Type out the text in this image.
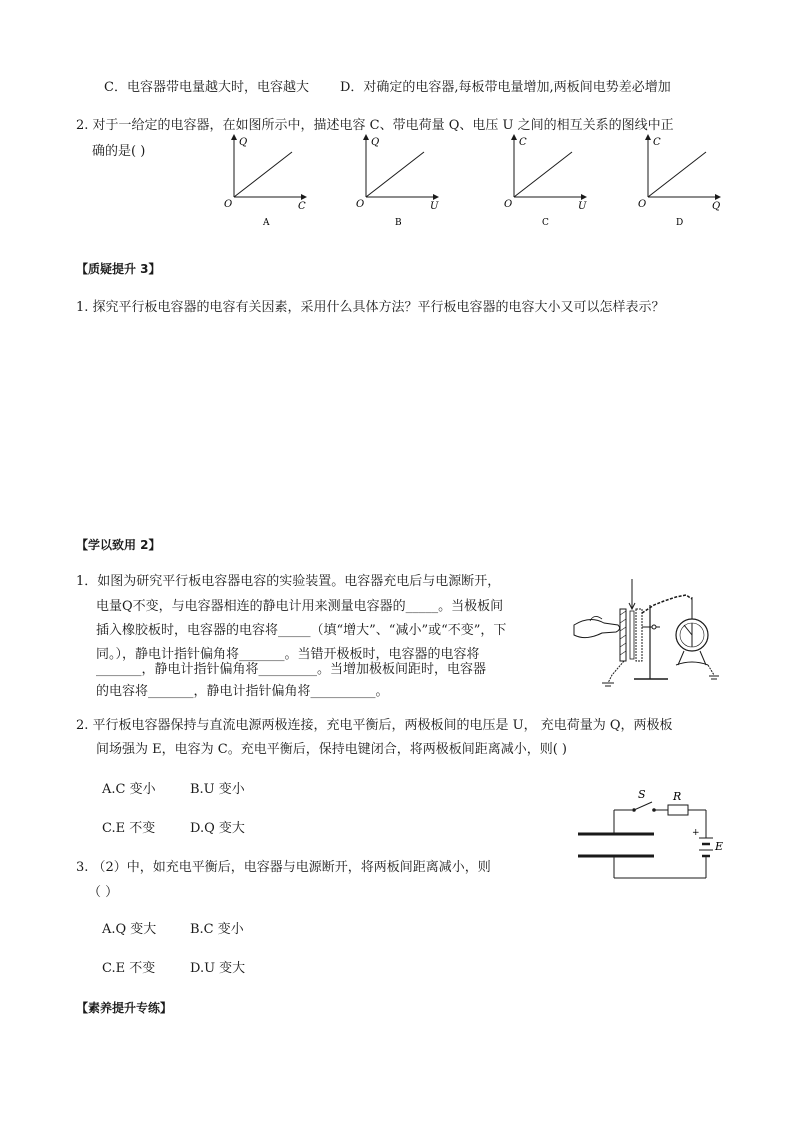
C．电容器带电量越大时，电容越大 D．对确定的电容器,每板带电量增加,两板间电势差必增加
2. 对于一给定的电容器，在如图所示中，描述电容 C、带电荷量 Q、电压 U 之间的相互关系的图线中正
确的是( )
Q
C
O
A
Q
U
O
B
C
U
O
C
C
Q
O
D
【质疑提升 3】
1. 探究平行板电容器的电容有关因素，采用什么具体方法？平行板电容器的电容大小又可以怎样表示？
【学以致用 2】
1．如图为研究平行板电容器电容的实验装置。电容器充电后与电源断开，
电量Q不变，与电容器相连的静电计用来测量电容器的_____。当极板间
插入橡胶板时，电容器的电容将_____（填“增大”、“减小”或“不变”，下
同。），静电计指针偏角将_______。当错开极板时，电容器的电容将
_______，静电计指针偏角将_________。当增加极板间距时，电容器
的电容将_______，静电计指针偏角将__________。
2. 平行板电容器保持与直流电源两极连接，充电平衡后，两极板间的电压是 U， 充电荷量为 Q，两极板
间场强为 E，电容为 C。充电平衡后，保持电键闭合，将两极板间距离减小，则( )
A.C 变小	B.U 变小
C.E 不变	D.Q 变大
S R
+
E
3. （2）中，如充电平衡后，电容器与电源断开，将两板间距离减小，则
（ ）
A.Q 变大	B.C 变小
C.E 不变	D.U 变大
【素养提升专练】
